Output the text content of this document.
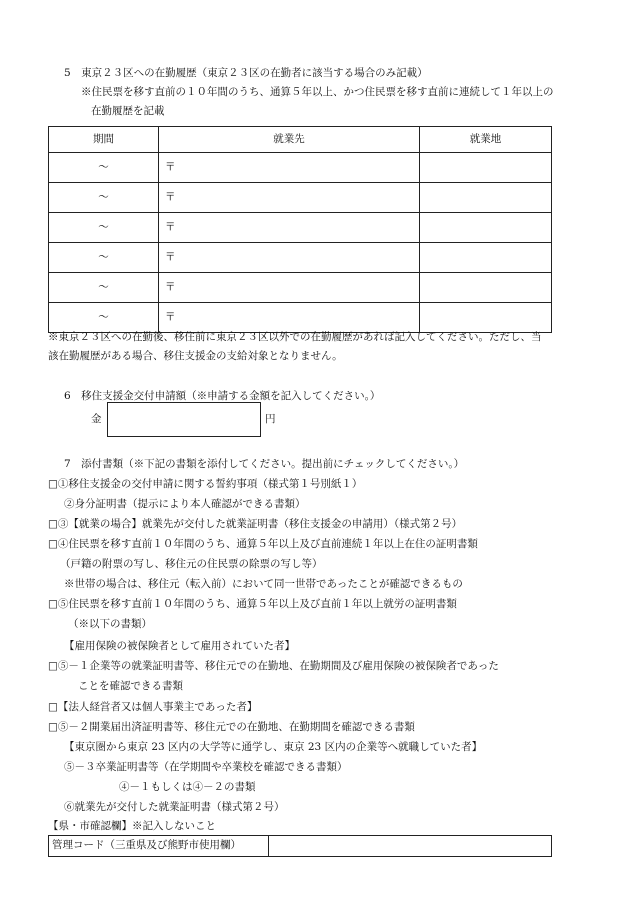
5　東京２３区への在勤履歴（東京２３区の在勤者に該当する場合のみ記載）
※住民票を移す直前の１０年間のうち、通算５年以上、かつ住民票を移す直前に連続して１年以上の
在勤履歴を記載
期間	就業先	就業地
～	〒	
～	〒	
～	〒	
～	〒	
～	〒	
～	〒	
※東京２３区への在勤後、移住前に東京２３区以外での在勤履歴があれば記入してください。ただし、当
該在勤履歴がある場合、移住支援金の支給対象となりません。
6　移住支援金交付申請額（※申請する金額を記入してください。）
金	円
7　添付書類（※下記の書類を添付してください。提出前にチェックしてください。）
□①移住支援金の交付申請に関する誓約事項（様式第１号別紙１）
②身分証明書（提示により本人確認ができる書類）
□③【就業の場合】就業先が交付した就業証明書（移住支援金の申請用）（様式第２号）
□④住民票を移す直前１０年間のうち、通算５年以上及び直前連続１年以上在住の証明書類
（戸籍の附票の写し、移住元の住民票の除票の写し等）
※世帯の場合は、移住元（転入前）において同一世帯であったことが確認できるもの
□⑤住民票を移す直前１０年間のうち、通算５年以上及び直前１年以上就労の証明書類
（※以下の書類）
【雇用保険の被保険者として雇用されていた者】
□⑤－１企業等の就業証明書等、移住元での在勤地、在勤期間及び雇用保険の被保険者であった
ことを確認できる書類
□【法人経営者又は個人事業主であった者】
□⑤－２開業届出済証明書等、移住元での在勤地、在勤期間を確認できる書類
【東京圏から東京 23 区内の大学等に通学し、東京 23 区内の企業等へ就職していた者】
⑤－３卒業証明書等（在学期間や卒業校を確認できる書類）
④－１もしくは④－２の書類
⑥就業先が交付した就業証明書（様式第２号）
【県・市確認欄】※記入しないこと
管理コード（三重県及び熊野市使用欄）	
